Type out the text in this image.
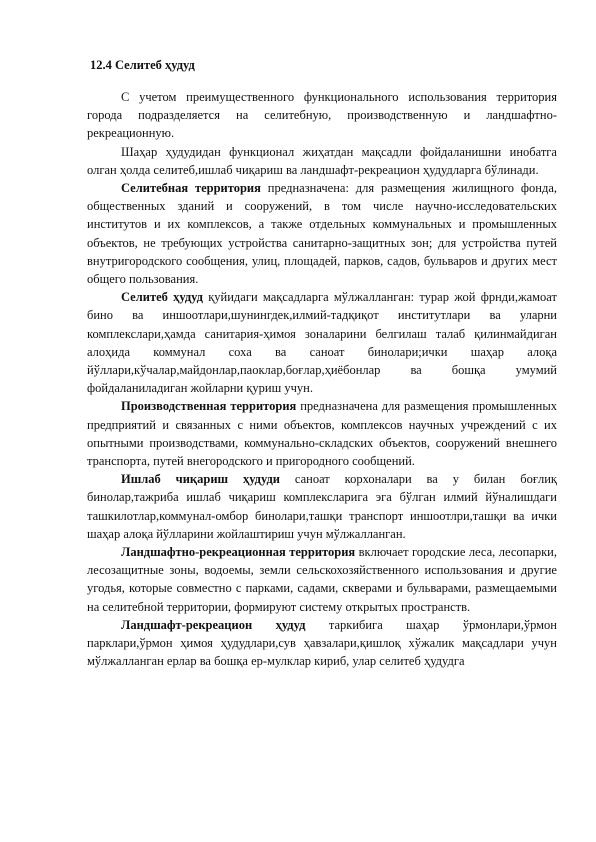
12.4 Селитеб ҳудуд

С учетом преимущественного функционального использования территория города подразделяется на селитебную, производственную и ландшафтно-рекреационную.

Шаҳар ҳудудидан функционал жиҳатдан мақсадли фойдаланишни инобатга олган ҳолда селитеб,ишлаб чиқариш ва ландшафт-рекреацион ҳудудларга бўлинади.

Селитебная территория предназначена: для размещения жилищного фонда, общественных зданий и сооружений, в том числе научно-исследовательских институтов и их комплексов, а также отдельных коммунальных и промышленных объектов, не требующих устройства санитарно-защитных зон; для устройства путей внутригородского сообщения, улиц, площадей, парков, садов, бульваров и других мест общего пользования.

Селитеб ҳудуд қуйидаги мақсадларга мўлжалланган: турар жой фрнди,жамоат бино ва иншоотлари,шунингдек,илмий-тадқиқот институтлари ва уларни комплекслари,ҳамда санитария-ҳимоя зоналарини белгилаш талаб қилинмайдиган алоҳида коммунал соха ва саноат бинолари;ички шаҳар алоқа йўллари,кўчалар,майдонлар,паоклар,боғлар,ҳиёбонлар ва бошқа умумий фойдаланиладиган жойларни қуриш учун.

Производственная территория предназначена для размещения промышленных предприятий и связанных с ними объектов, комплексов научных учреждений с их опытными производствами, коммунально-складских объектов, сооружений внешнего транспорта, путей внегородского и пригородного сообщений.

Ишлаб чиқариш ҳудуди саноат корхоналари ва у билан боғлиқ бинолар,тажриба ишлаб чиқариш комплексларига эга бўлган илмий йўналишдаги ташкилотлар,коммунал-омбор бинолари,ташқи транспорт иншоотлри,ташқи ва ички шаҳар алоқа йўлларини жойлаштириш учун мўлжалланган.

Ландшафтно-рекреационная территория включает городские леса, лесопарки, лесозащитные зоны, водоемы, земли сельскохозяйственного использования и другие угодья, которые совместно с парками, садами, скверами и бульварами, размещаемыми на селитебной территории, формируют систему открытых пространств.

Ландшафт-рекреацион ҳудуд таркибига шаҳар ўрмонлари,ўрмон парклари,ўрмон ҳимоя ҳудудлари,сув ҳавзалари,қишлоқ хўжалик мақсадлари учун мўлжалланган ерлар ва бошқа ер-мулклар кириб, улар селитеб ҳудудга
